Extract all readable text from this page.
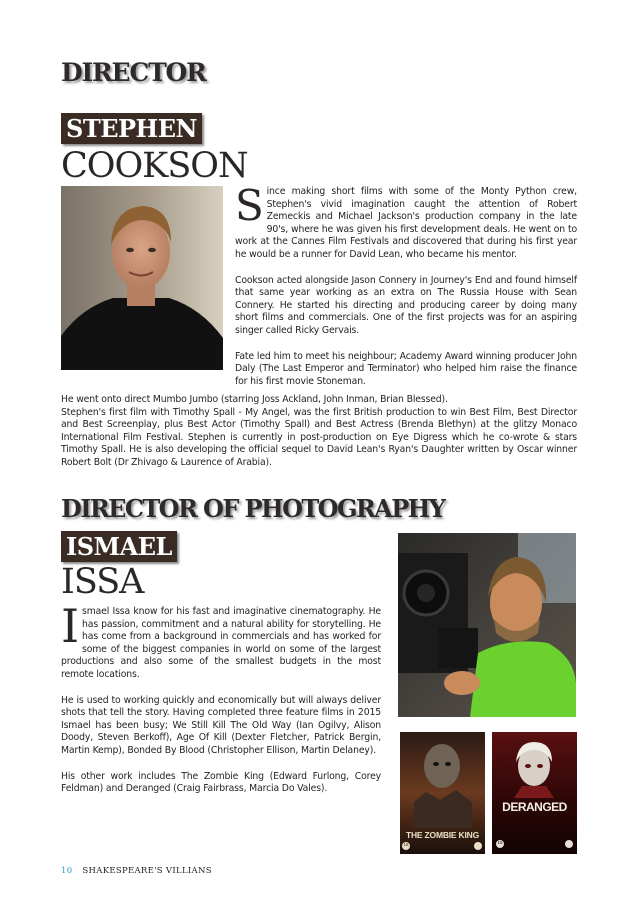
DIRECTOR
STEPHEN
COOKSON

Since making short films with some of the Monty Python crew, Stephen's vivid imagination caught the attention of Robert Zemeckis and Michael Jackson's production company in the late 90's, where he was given his first development deals. He went on to work at the Cannes Film Festivals and discovered that during his first year he would be a runner for David Lean, who became his mentor.

Cookson acted alongside Jason Connery in Journey's End and found himself that same year working as an extra on The Russia House with Sean Connery. He started his directing and producing career by doing many short films and commercials. One of the first projects was for an aspiring singer called Ricky Gervais.

Fate led him to meet his neighbour; Academy Award winning producer John Daly (The Last Emperor and Terminator) who helped him raise the finance for his first movie Stoneman.

He went onto direct Mumbo Jumbo (starring Joss Ackland, John Inman, Brian Blessed).

Stephen's first film with Timothy Spall - My Angel, was the first British production to win Best Film, Best Director and Best Screenplay, plus Best Actor (Timothy Spall) and Best Actress (Brenda Blethyn) at the glitzy Monaco International Film Festival. Stephen is currently in post-production on Eye Digress which he co-wrote & stars Timothy Spall. He is also developing the official sequel to David Lean's Ryan's Daughter written by Oscar winner Robert Bolt (Dr Zhivago & Laurence of Arabia).

DIRECTOR OF PHOTOGRAPHY
ISMAEL
ISSA

Ismael Issa know for his fast and imaginative cinematography. He has passion, commitment and a natural ability for storytelling. He has come from a background in commercials and has worked for some of the biggest companies in world on some of the largest productions and also some of the smallest budgets in the most remote locations.

He is used to working quickly and economically but will always deliver shots that tell the story. Having completed three feature films in 2015 Ismael has been busy; We Still Kill The Old Way (Ian Ogilvy, Alison Doody, Steven Berkoff), Age Of Kill (Dexter Fletcher, Patrick Bergin, Martin Kemp), Bonded By Blood (Christopher Ellison, Martin Delaney).

His other work includes The Zombie King (Edward Furlong, Corey Feldman) and Deranged (Craig Fairbrass, Marcia Do Vales).

THE ZOMBIE KING
15
DERANGED
15
10 SHAKESPEARE'S VILLIANS
